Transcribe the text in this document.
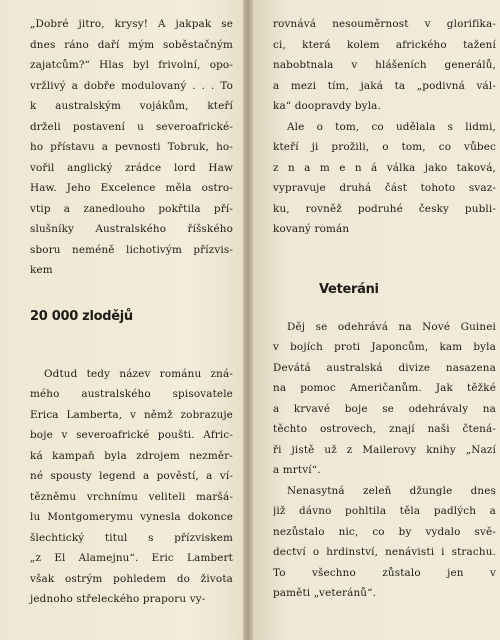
„Dobré jitro, krysy! A jakpak se
dnes ráno daří mým soběstačným
zajatcům?“ Hlas byl frivolní, opo-
vržlivý a dobře modulovaný . . . To
k australským vojákům, kteří
drželi postavení u severoafrické-
ho přístavu a pevnosti Tobruk, ho-
vořil anglický zrádce lord Haw
Haw. Jeho Excelence měla ostro-
vtip a zanedlouho pokřtila pří-
slušníky Australského říšského
sboru neméně lichotivým přízvis-
kem
20 000 zlodějů
Odtud tedy název románu zná-
mého australského spisovatele
Erica Lamberta, v němž zobrazuje
boje v severoafrické poušti. Afric-
ká kampaň byla zdrojem nezměr-
né spousty legend a pověstí, a ví-
tězněmu vrchnímu veliteli maršá-
lu Montgomerymu vynesla dokonce
šlechtický titul s přízviskem
„z El Alamejnu“. Eric Lambert
však ostrým pohledem do života
jednoho střeleckého praporu vy-
rovnává nesouměrnost v glorifika-
ci, která kolem afrického tažení
nabobtnala v hlášeních generálů,
a mezi tím, jaká ta „podivná vál-
ka“ doopravdy byla.
Ale o tom, co udělala s lidmi,
kteří ji prožili, o tom, co vůbec
z n a m e n á válka jako taková,
vypravuje druhá část tohoto svaz-
ku, rovněž podruhé česky publi-
kovaný román
Veteráni
Děj se odehrává na Nové Guinei
v bojích proti Japoncům, kam byla
Devátá australská divize nasazena
na pomoc Američanům. Jak těžké
a krvavé boje se odehrávaly na
těchto ostrovech, znají naši čtená-
ři jistě už z Mailerovy knihy „Nazí
a mrtví“.
Nenasytná zeleň džungle dnes
již dávno pohltila těla padlých a
nezůstalo nic, co by vydalo svě-
dectví o hrdinství, nenávisti i strachu.
To všechno zůstalo jen v
paměti „veteránů“.
